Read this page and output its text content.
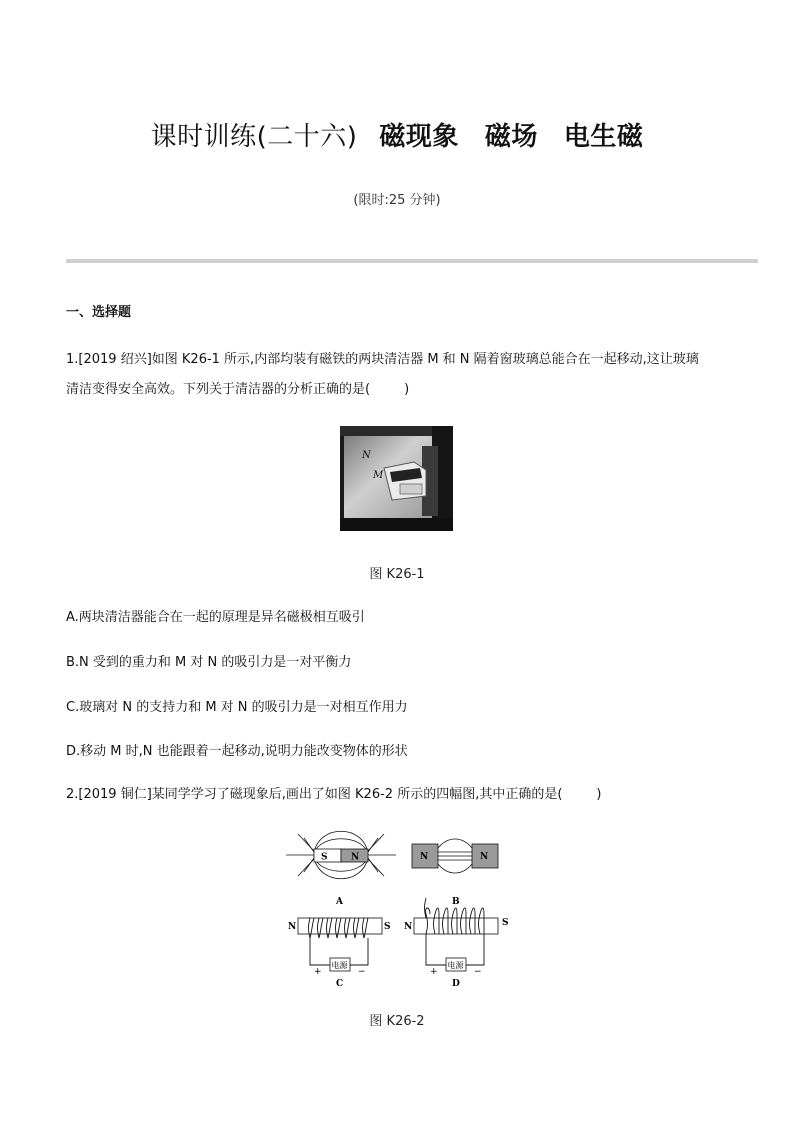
课时训练(二十六) 磁现象 磁场 电生磁
(限时:25 分钟)
一、选择题
1.[2019 绍兴]如图 K26-1 所示,内部均装有磁铁的两块清洁器 M 和 N 隔着窗玻璃总能合在一起移动,这让玻璃
清洁变得安全高效。下列关于清洁器的分析正确的是(	)
N
M
图 K26-1
A.两块清洁器能合在一起的原理是异名磁极相互吸引
B.N 受到的重力和 M 对 N 的吸引力是一对平衡力
C.玻璃对 N 的支持力和 M 对 N 的吸引力是一对相互作用力
D.移动 M 时,N 也能跟着一起移动,说明力能改变物体的形状
2.[2019 铜仁]某同学学习了磁现象后,画出了如图 K26-2 所示的四幅图,其中正确的是(	)
S	N
A
N	N
B
N	S
电源
+	−
C
N	S
电源
+	−
D
图 K26-2
